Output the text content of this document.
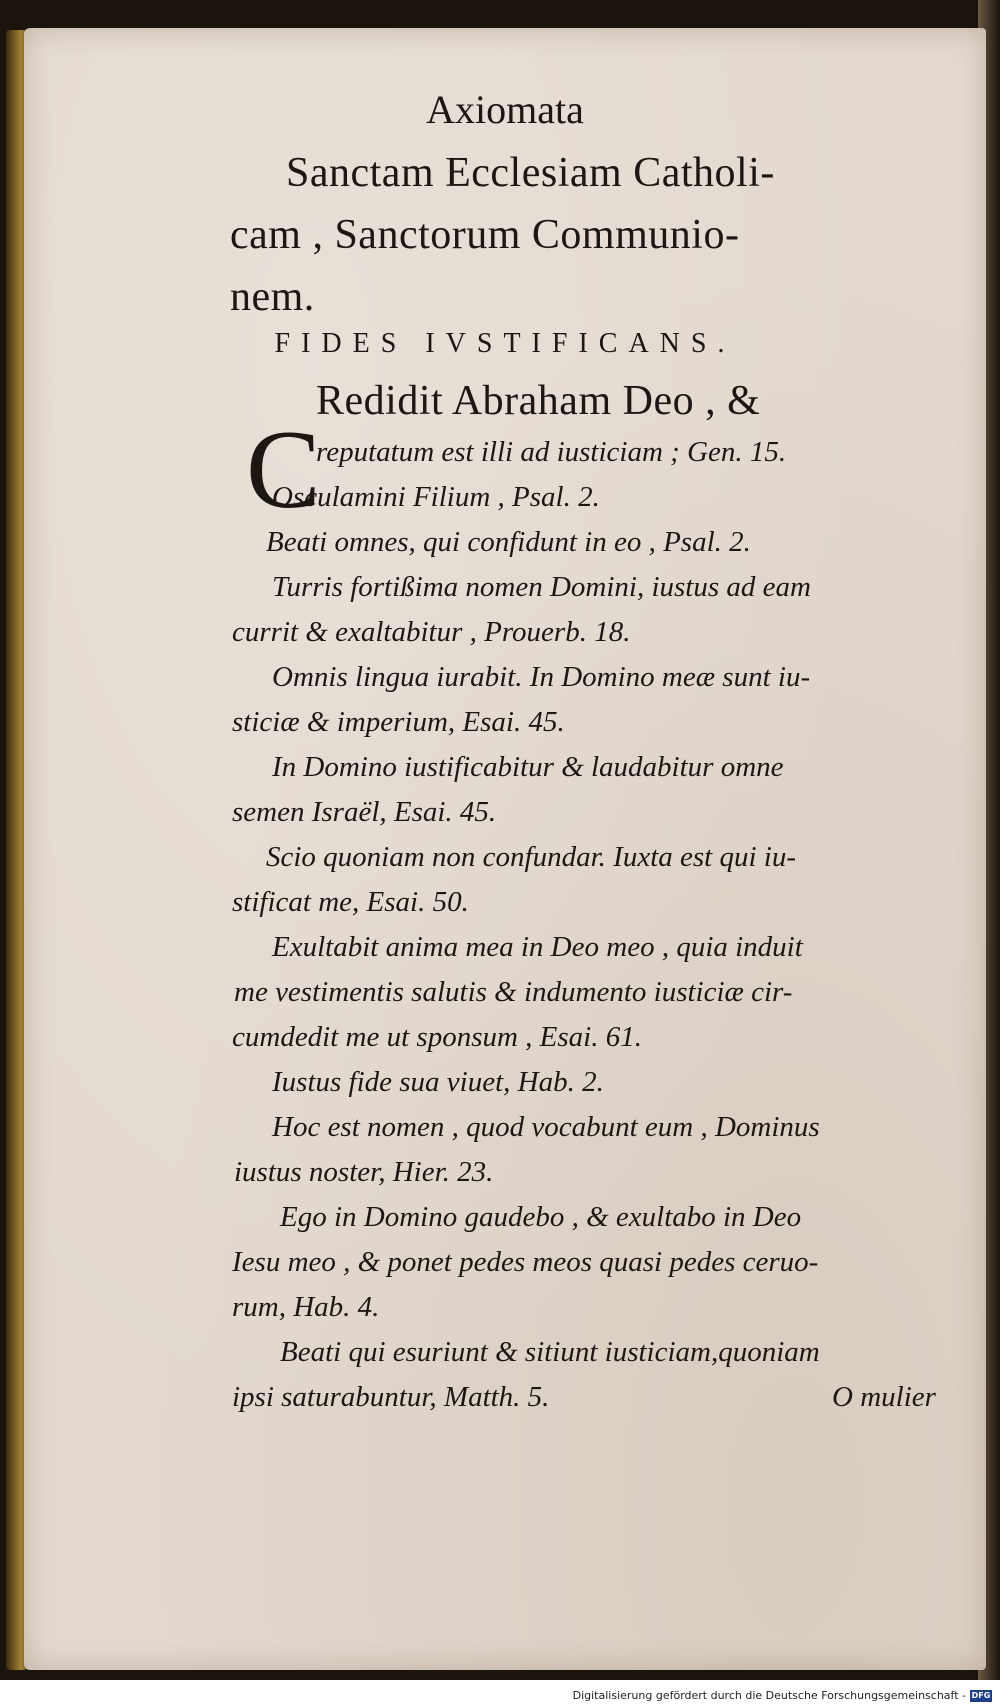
Axiomata
Sanctam Ecclesiam Catholi-
cam , Sanctorum Communio-
nem.
FIDES IVSTIFICANS.
C
Redidit Abraham Deo , &
reputatum est illi ad iusticiam ; Gen. 15.
Osculamini Filium , Psal. 2.
Beati omnes, qui confidunt in eo , Psal. 2.
Turris fortißima nomen Domini, iustus ad eam
currit & exaltabitur , Prouerb. 18.
Omnis lingua iurabit. In Domino meæ sunt iu-
sticiæ & imperium, Esai. 45.
In Domino iustificabitur & laudabitur omne
semen Israël, Esai. 45.
Scio quoniam non confundar. Iuxta est qui iu-
stificat me, Esai. 50.
Exultabit anima mea in Deo meo , quia induit
me vestimentis salutis & indumento iusticiæ cir-
cumdedit me ut sponsum , Esai. 61.
Iustus fide sua viuet, Hab. 2.
Hoc est nomen , quod vocabunt eum , Dominus
iustus noster, Hier. 23.
Ego in Domino gaudebo , & exultabo in Deo
Iesu meo , & ponet pedes meos quasi pedes ceruo-
rum, Hab. 4.
Beati qui esuriunt & sitiunt iusticiam,quoniam
ipsi saturabuntur, Matth. 5.	O mulier
Digitalisierung gefördert durch die Deutsche Forschungsgemeinschaft - DFG
